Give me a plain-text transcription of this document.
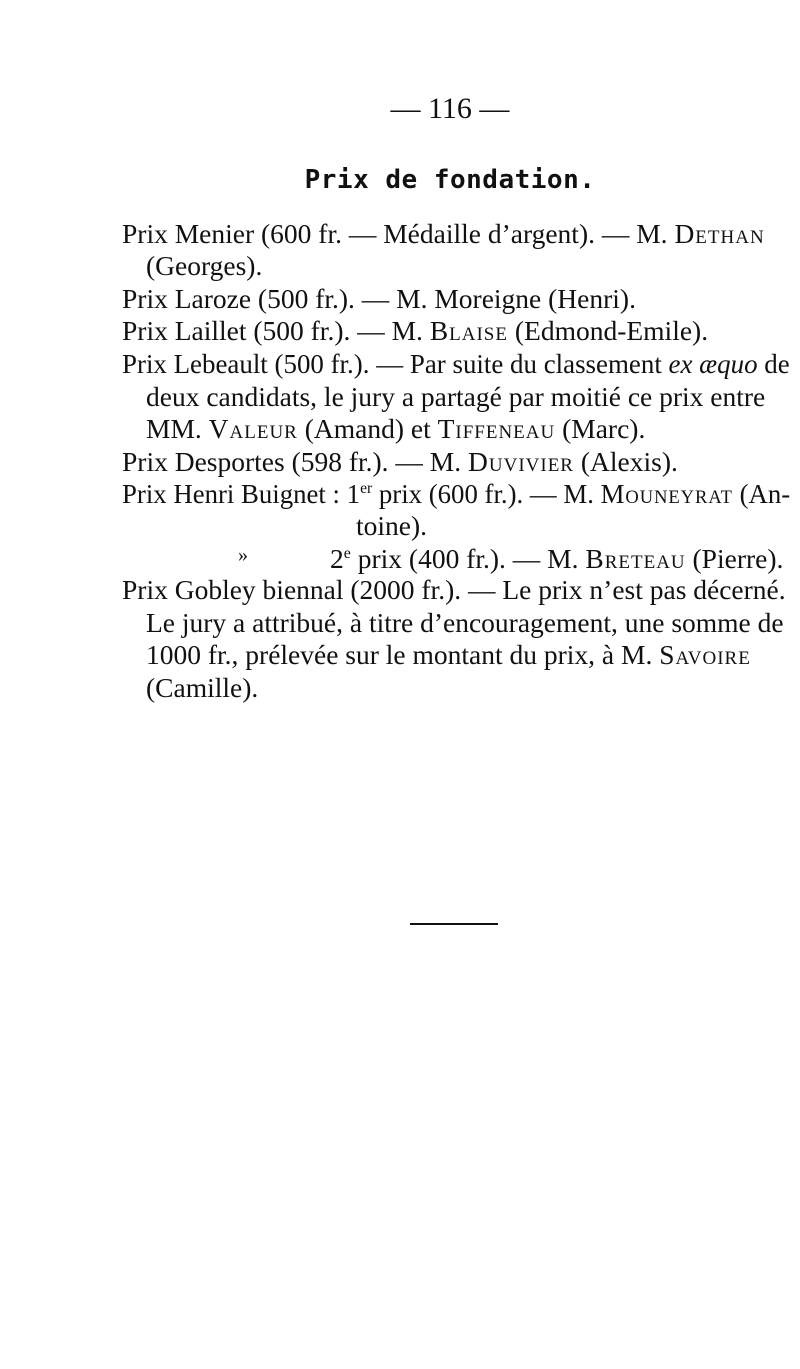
— 116 —
Prix de fondation.
Prix Menier (600 fr. — Médaille d’argent). — M. Dethan
(Georges).
Prix Laroze (500 fr.). — M. Moreigne (Henri).
Prix Laillet (500 fr.). — M. Blaise (Edmond-Emile).
Prix Lebeault (500 fr.). — Par suite du classement ex æquo de
deux candidats, le jury a partagé par moitié ce prix entre
MM. Valeur (Amand) et Tiffeneau (Marc).
Prix Desportes (598 fr.). — M. Duvivier (Alexis).
Prix Henri Buignet : 1er prix (600 fr.). — M. Mouneyrat (An-
toine).
»	2e prix (400 fr.). — M. Breteau (Pierre).
Prix Gobley biennal (2000 fr.). — Le prix n’est pas décerné.
Le jury a attribué, à titre d’encouragement, une somme de
1000 fr., prélevée sur le montant du prix, à M. Savoire
(Camille).
